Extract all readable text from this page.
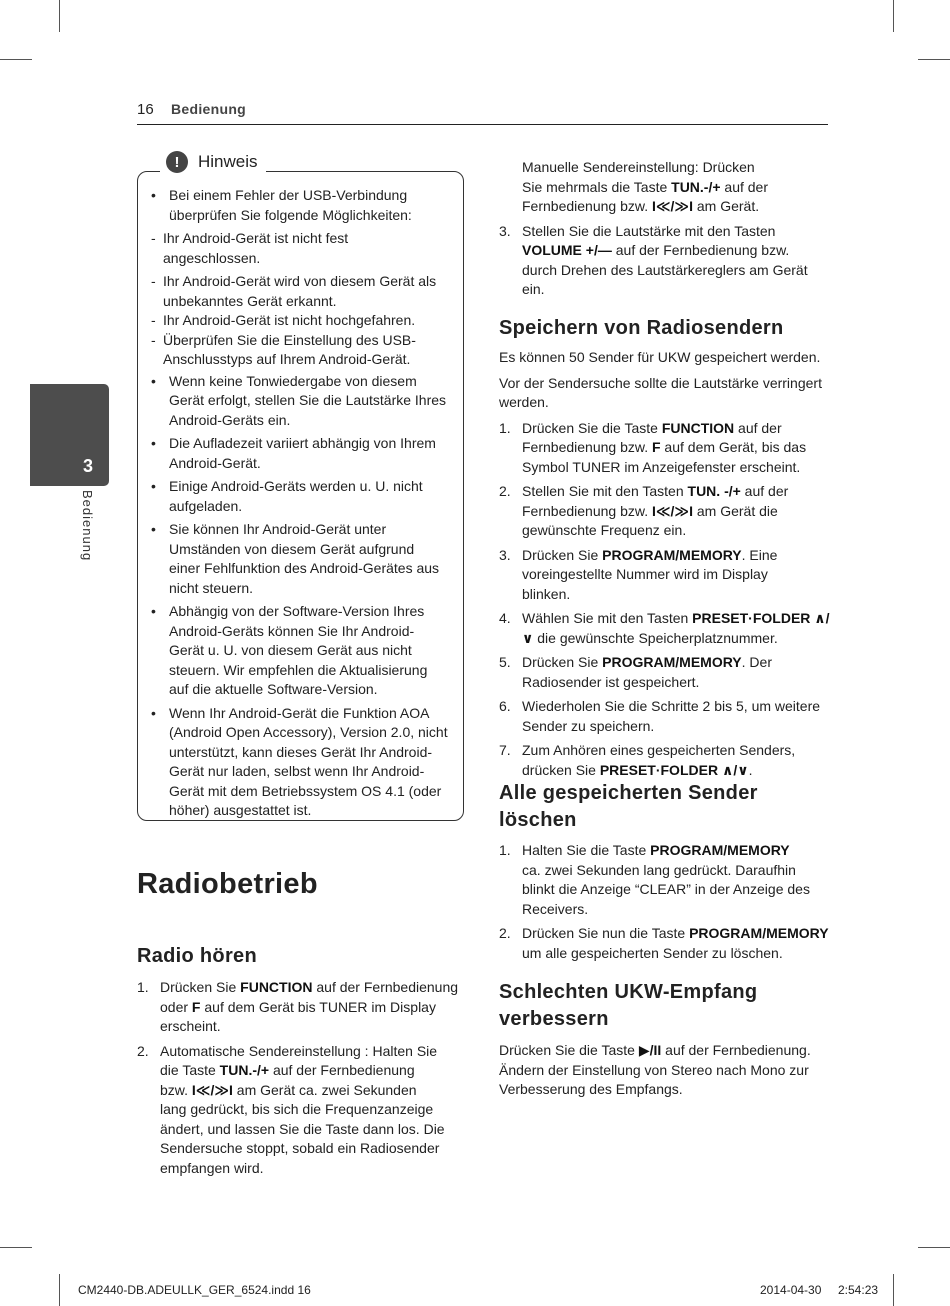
16 Bedienung
3
Bedienung
!	Hinweis
• Bei einem Fehler der USB-Verbindung
überprüfen Sie folgende Möglichkeiten:
- Ihr Android-Gerät ist nicht fest
angeschlossen.
- Ihr Android-Gerät wird von diesem Gerät als
unbekanntes Gerät erkannt.
- Ihr Android-Gerät ist nicht hochgefahren.
- Überprüfen Sie die Einstellung des USB-
Anschlusstyps auf Ihrem Android-Gerät.
• Wenn keine Tonwiedergabe von diesem
Gerät erfolgt, stellen Sie die Lautstärke Ihres
Android-Geräts ein.
• Die Aufladezeit variiert abhängig von Ihrem
Android-Gerät.
• Einige Android-Geräts werden u. U. nicht
aufgeladen.
• Sie können Ihr Android-Gerät unter
Umständen von diesem Gerät aufgrund
einer Fehlfunktion des Android-Gerätes aus
nicht steuern.
• Abhängig von der Software-Version Ihres
Android-Geräts können Sie Ihr Android-
Gerät u. U. von diesem Gerät aus nicht
steuern. Wir empfehlen die Aktualisierung
auf die aktuelle Software-Version.
• Wenn Ihr Android-Gerät die Funktion AOA
(Android Open Accessory), Version 2.0, nicht
unterstützt, kann dieses Gerät Ihr Android-
Gerät nur laden, selbst wenn Ihr Android-
Gerät mit dem Betriebssystem OS 4.1 (oder
höher) ausgestattet ist.
Radiobetrieb
Radio hören
1. Drücken Sie FUNCTION auf der Fernbedienung
oder F auf dem Gerät bis TUNER im Display
erscheint.
2. Automatische Sendereinstellung : Halten Sie
die Taste TUN.-/+ auf der Fernbedienung
bzw. I≪/≫I am Gerät ca. zwei Sekunden
lang gedrückt, bis sich die Frequenzanzeige
ändert, und lassen Sie die Taste dann los. Die
Sendersuche stoppt, sobald ein Radiosender
empfangen wird.
Manuelle Sendereinstellung: Drücken
Sie mehrmals die Taste TUN.-/+ auf der
Fernbedienung bzw. I≪/≫I am Gerät.
3. Stellen Sie die Lautstärke mit den Tasten
VOLUME +/— auf der Fernbedienung bzw.
durch Drehen des Lautstärkereglers am Gerät
ein.
Speichern von Radiosendern

Es können 50 Sender für UKW gespeichert werden.

Vor der Sendersuche sollte die Lautstärke verringert
werden.

1. Drücken Sie die Taste FUNCTION auf der
Fernbedienung bzw. F auf dem Gerät, bis das
Symbol TUNER im Anzeigefenster erscheint.
2. Stellen Sie mit den Tasten TUN. -/+ auf der
Fernbedienung bzw. I≪/≫I am Gerät die
gewünschte Frequenz ein.
3. Drücken Sie PROGRAM/MEMORY. Eine
voreingestellte Nummer wird im Display
blinken.
4. Wählen Sie mit den Tasten PRESET·FOLDER ∧/
∨ die gewünschte Speicherplatznummer.
5. Drücken Sie PROGRAM/MEMORY. Der
Radiosender ist gespeichert.
6. Wiederholen Sie die Schritte 2 bis 5, um weitere
Sender zu speichern.
7. Zum Anhören eines gespeicherten Senders,
drücken Sie PRESET·FOLDER ∧/∨.
Alle gespeicherten Sender
löschen
1. Halten Sie die Taste PROGRAM/MEMORY
ca. zwei Sekunden lang gedrückt. Daraufhin
blinkt die Anzeige “CLEAR” in der Anzeige des
Receivers.
2. Drücken Sie nun die Taste PROGRAM/MEMORY
um alle gespeicherten Sender zu löschen.
Schlechten UKW-Empfang
verbessern
Drücken Sie die Taste ▶/II auf der Fernbedienung.
Ändern der Einstellung von Stereo nach Mono zur
Verbesserung des Empfangs.
CM2440-DB.ADEULLK_GER_6524.indd 16	2014-04-30 2:54:23
